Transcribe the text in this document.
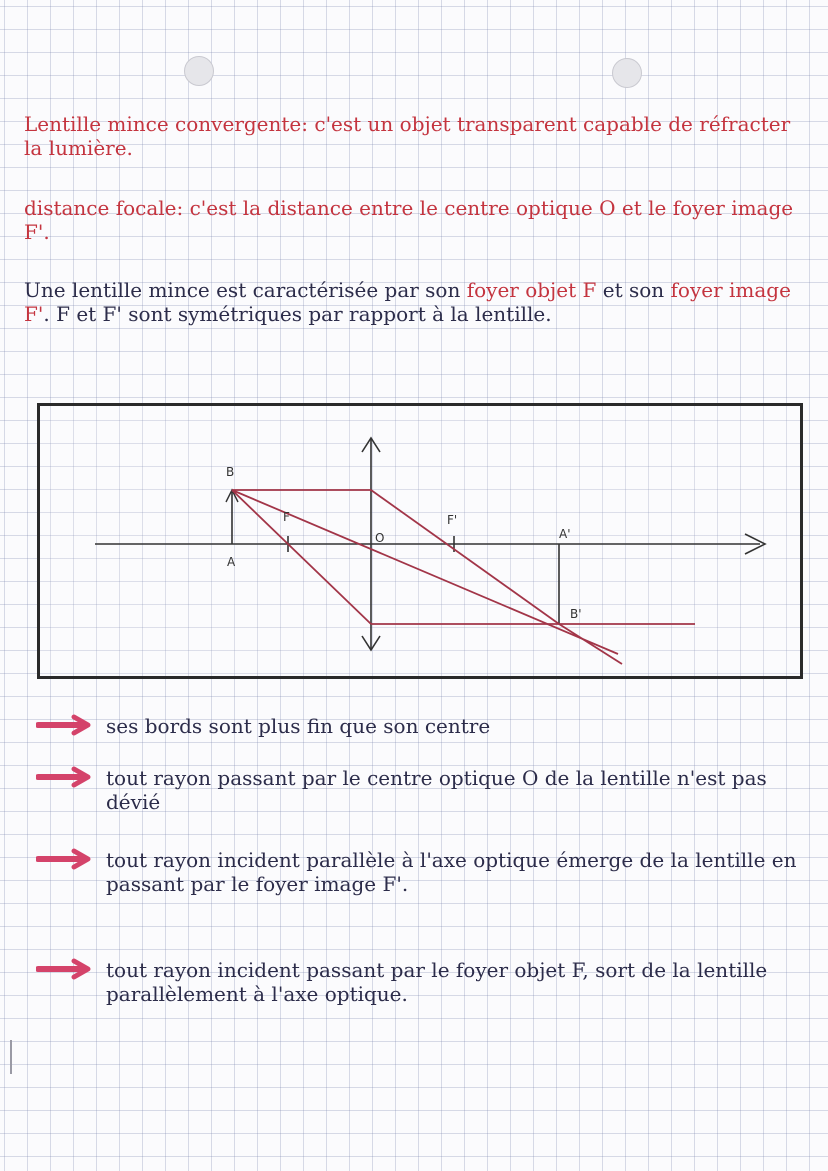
Lentille mince convergente: c'est un objet transparent capable de réfracter la lumière.
distance focale: c'est la distance entre le centre optique O et le foyer image F'.
Une lentille mince est caractérisée par son foyer objet F et son foyer image F'. F et F' sont symétriques par rapport à la lentille.
B
A
F
O
F'
A'
B'
ses bords sont plus fin que son centre
tout rayon passant par le centre optique O de la lentille n'est pas dévié
tout rayon incident parallèle à l'axe optique émerge de la lentille en passant par le foyer image F'.
tout rayon incident passant par le foyer objet F, sort de la lentille parallèlement à l'axe optique.
